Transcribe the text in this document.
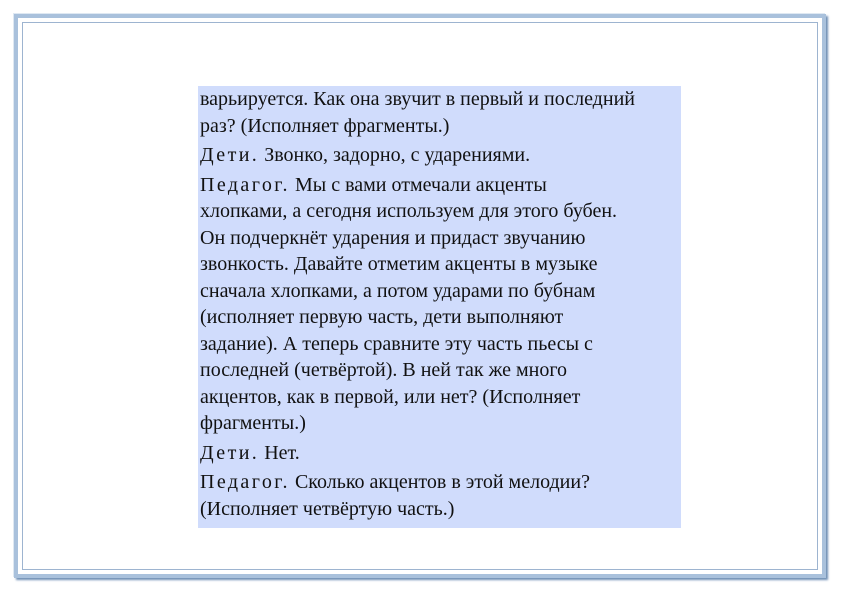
варьируется. Как она звучит в первый и последний
раз? (Исполняет фрагменты.)

Дети. Звонко, задорно, с ударениями.

Педагог. Мы с вами отмечали акценты
хлопками, а сегодня используем для этого бубен.
Он подчеркнёт ударения и придаст звучанию
звонкость. Давайте отметим акценты в музыке
сначала хлопками, а потом ударами по бубнам
(исполняет первую часть, дети выполняют
задание). А теперь сравните эту часть пьесы с
последней (четвёртой). В ней так же много
акцентов, как в первой, или нет? (Исполняет
фрагменты.)

Дети. Нет.

Педагог. Сколько акцентов в этой мелодии?
(Исполняет четвёртую часть.)
